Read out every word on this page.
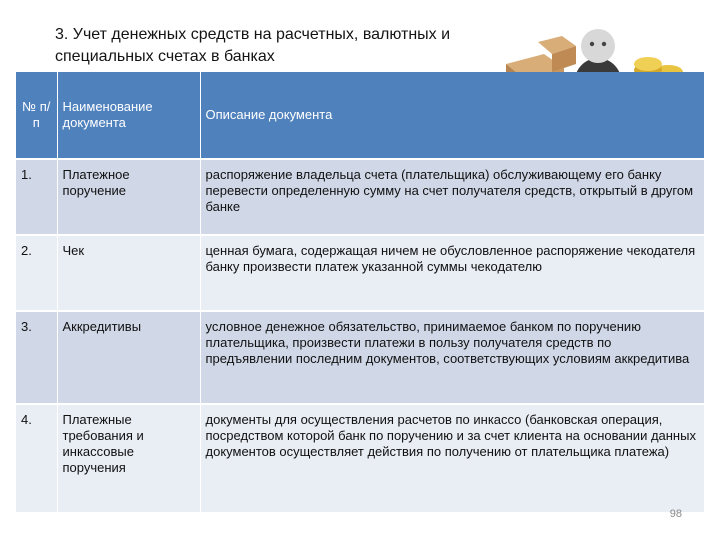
3. Учет денежных средств на расчетных, валютных и специальных счетах в банках
№ п/п	Наименование документа	Описание документа
1.	Платежное поручение	распоряжение владельца счета (плательщика) обслуживающему его банку перевести определенную сумму на счет получателя средств, открытый в другом банке
2.	Чек	ценная бумага, содержащая ничем не обусловленное распоряжение чекодателя банку произвести платеж указанной суммы чекодателю
3.	Аккредитивы	условное денежное обязательство, принимаемое банком по поручению плательщика, произвести платежи в пользу получателя средств по предъявлении последним документов, соответствующих условиям аккредитива
4.	Платежные требования и инкассовые поручения	документы для осуществления расчетов по инкассо (банковская операция, посредством которой банк по поручению и за счет клиента на основании данных документов осуществляет действия по получению от плательщика платежа)
98
